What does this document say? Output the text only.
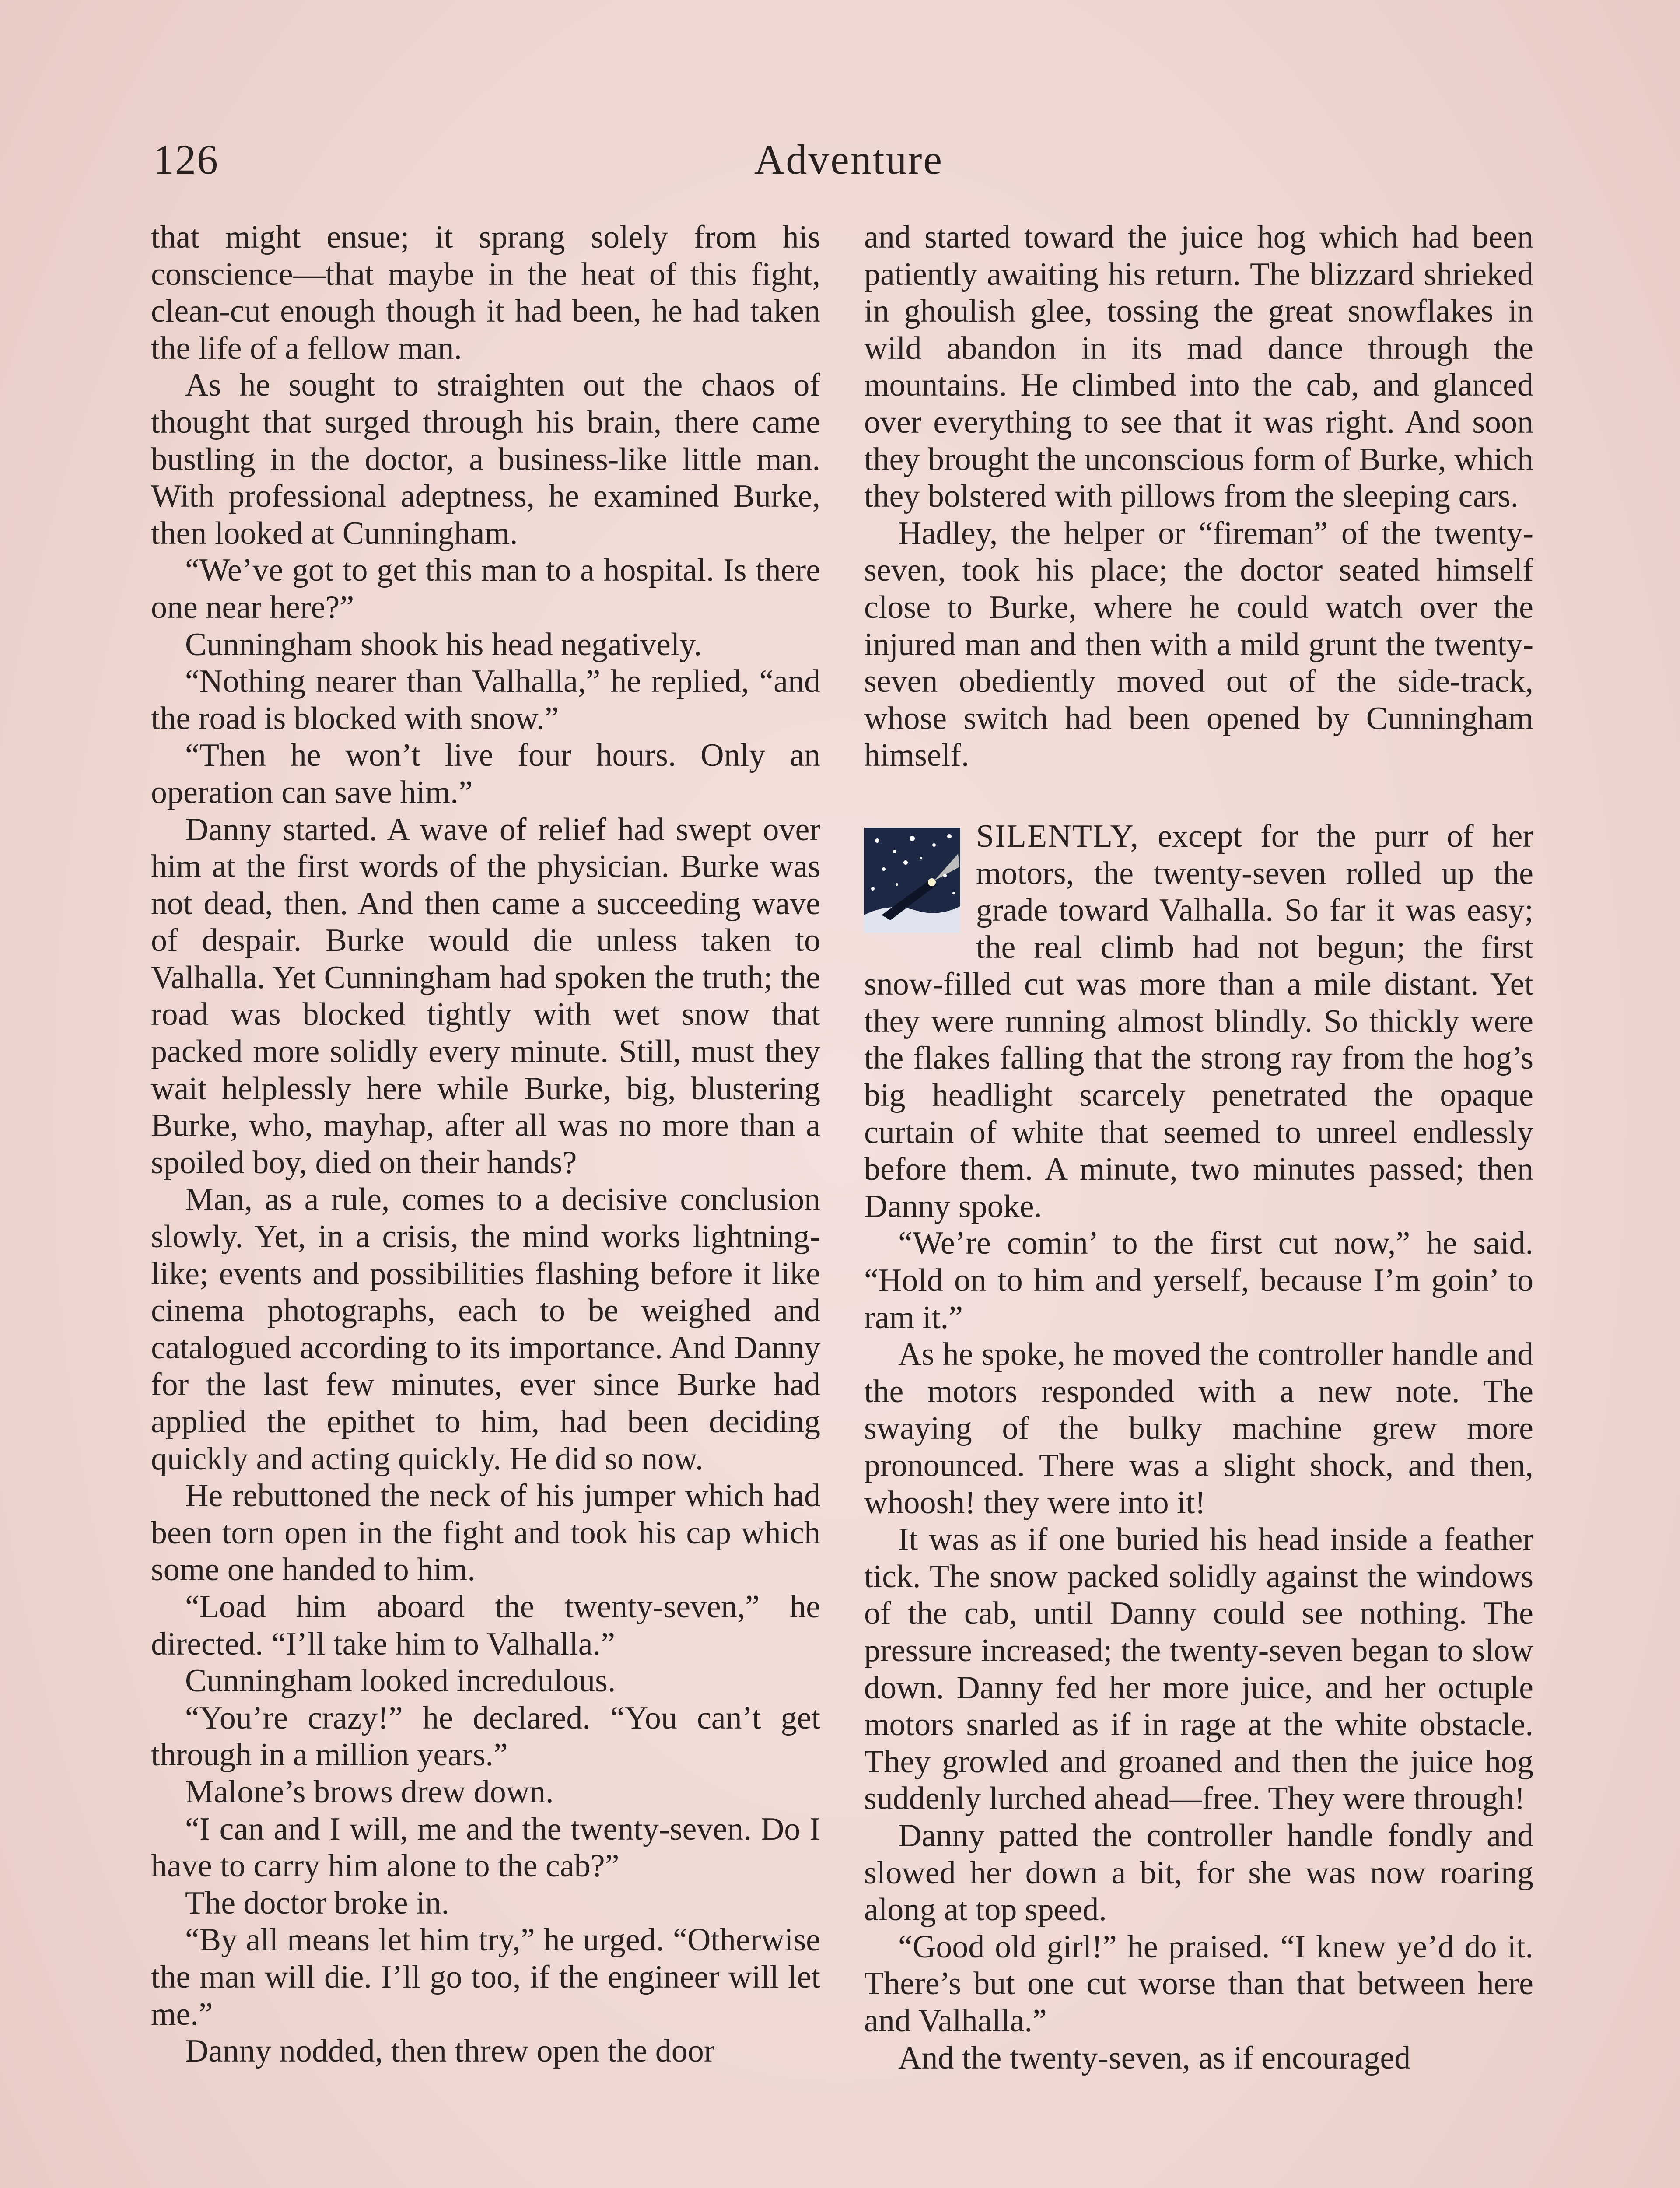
126	Adventure

that might ensue; it sprang solely from his conscience—that maybe in the heat of this fight, clean-cut enough though it had been, he had taken the life of a fellow man.

As he sought to straighten out the chaos of thought that surged through his brain, there came bustling in the doctor, a business-like little man. With professional adeptness, he examined Burke, then looked at Cunningham.

“We’ve got to get this man to a hospital. Is there one near here?”

Cunningham shook his head negatively.

“Nothing nearer than Valhalla,” he replied, “and the road is blocked with snow.”

“Then he won’t live four hours. Only an operation can save him.”

Danny started. A wave of relief had swept over him at the first words of the physician. Burke was not dead, then. And then came a succeeding wave of despair. Burke would die unless taken to Valhalla. Yet Cunningham had spoken the truth; the road was blocked tightly with wet snow that packed more solidly every minute. Still, must they wait helplessly here while Burke, big, blustering Burke, who, mayhap, after all was no more than a spoiled boy, died on their hands?

Man, as a rule, comes to a decisive conclusion slowly. Yet, in a crisis, the mind works lightning-like; events and possibilities flashing before it like cinema photographs, each to be weighed and catalogued according to its importance. And Danny for the last few minutes, ever since Burke had applied the epithet to him, had been deciding quickly and acting quickly. He did so now.

He rebuttoned the neck of his jumper which had been torn open in the fight and took his cap which some one handed to him.

“Load him aboard the twenty-seven,” he directed. “I’ll take him to Valhalla.”

Cunningham looked incredulous.

“You’re crazy!” he declared. “You can’t get through in a million years.”

Malone’s brows drew down.

“I can and I will, me and the twenty-seven. Do I have to carry him alone to the cab?”

The doctor broke in.

“By all means let him try,” he urged. “Otherwise the man will die. I’ll go too, if the engineer will let me.”

Danny nodded, then threw open the door

and started toward the juice hog which had been patiently awaiting his return. The blizzard shrieked in ghoulish glee, tossing the great snowflakes in wild abandon in its mad dance through the mountains. He climbed into the cab, and glanced over everything to see that it was right. And soon they brought the unconscious form of Burke, which they bolstered with pillows from the sleeping cars.

Hadley, the helper or “fireman” of the twenty-seven, took his place; the doctor seated himself close to Burke, where he could watch over the injured man and then with a mild grunt the twenty-seven obediently moved out of the side-track, whose switch had been opened by Cunningham himself.

SILENTLY, except for the purr of her motors, the twenty-seven rolled up the grade toward Valhalla. So far it was easy; the real climb had not begun; the first snow-filled cut was more than a mile distant. Yet they were running almost blindly. So thickly were the flakes falling that the strong ray from the hog’s big headlight scarcely penetrated the opaque curtain of white that seemed to unreel endlessly before them. A minute, two minutes passed; then Danny spoke.

“We’re comin’ to the first cut now,” he said. “Hold on to him and yerself, because I’m goin’ to ram it.”

As he spoke, he moved the controller handle and the motors responded with a new note. The swaying of the bulky machine grew more pronounced. There was a slight shock, and then, whoosh! they were into it!

It was as if one buried his head inside a feather tick. The snow packed solidly against the windows of the cab, until Danny could see nothing. The pressure increased; the twenty-seven began to slow down. Danny fed her more juice, and her octuple motors snarled as if in rage at the white obstacle. They growled and groaned and then the juice hog suddenly lurched ahead—free. They were through!

Danny patted the controller handle fondly and slowed her down a bit, for she was now roaring along at top speed.

“Good old girl!” he praised. “I knew ye’d do it. There’s but one cut worse than that between here and Valhalla.”

And the twenty-seven, as if encouraged
